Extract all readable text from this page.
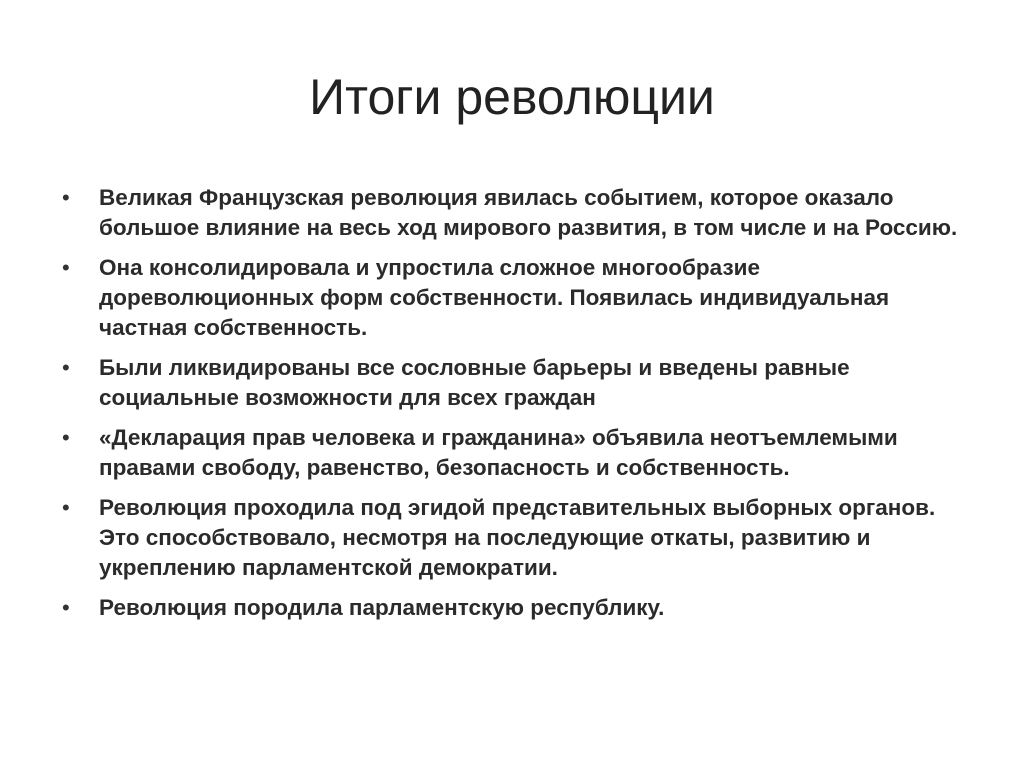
Итоги революции
• Великая Французская революция явилась событием, которое оказало большое влияние на весь ход мирового развития, в том числе и на Россию.
• Она консолидировала и упростила сложное многообразие дореволюционных форм собственности. Появилась индивидуальная частная собственность.
• Были ликвидированы все сословные барьеры и введены равные социальные возможности для всех граждан
• «Декларация прав человека и гражданина» объявила неотъемлемыми правами свободу, равенство, безопасность и собственность.
• Революция проходила под эгидой представительных выборных органов. Это способствовало, несмотря на последующие откаты, развитию и укреплению парламентской демократии.
• Революция породила парламентскую республику.
